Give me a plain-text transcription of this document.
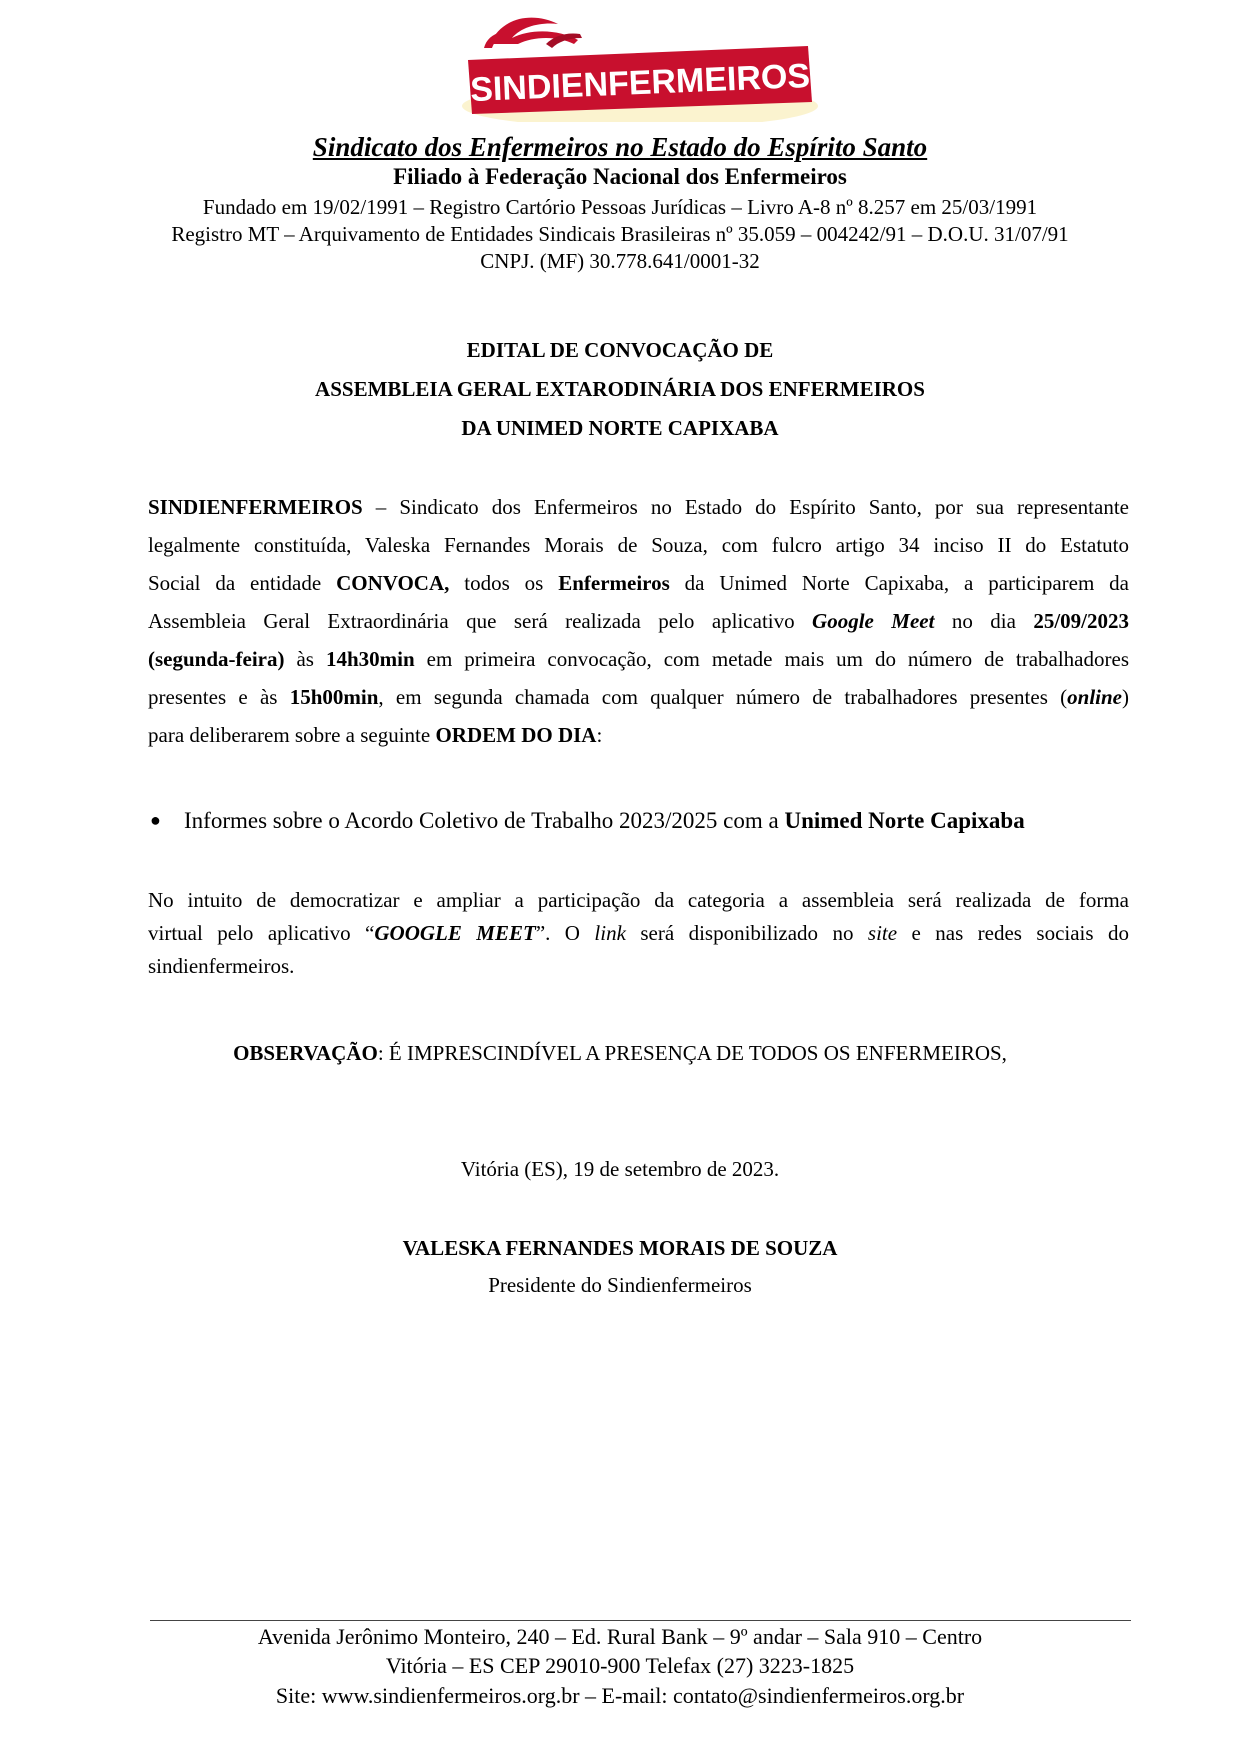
SINDIENFERMEIROS
Sindicato dos Enfermeiros no Estado do Espírito Santo
Filiado à Federação Nacional dos Enfermeiros
Fundado em 19/02/1991 – Registro Cartório Pessoas Jurídicas – Livro A-8 nº 8.257 em 25/03/1991
Registro MT – Arquivamento de Entidades Sindicais Brasileiras nº 35.059 – 004242/91 – D.O.U. 31/07/91
CNPJ. (MF) 30.778.641/0001-32
EDITAL DE CONVOCAÇÃO DE
ASSEMBLEIA GERAL EXTARODINÁRIA DOS ENFERMEIROS
DA UNIMED NORTE CAPIXABA
SINDIENFERMEIROS – Sindicato dos Enfermeiros no Estado do Espírito Santo, por sua representante
legalmente constituída, Valeska Fernandes Morais de Souza, com fulcro artigo 34 inciso II do Estatuto
Social da entidade CONVOCA, todos os Enfermeiros da Unimed Norte Capixaba, a participarem da
Assembleia Geral Extraordinária que será realizada pelo aplicativo Google Meet no dia 25/09/2023
(segunda-feira) às 14h30min em primeira convocação, com metade mais um do número de trabalhadores
presentes e às 15h00min, em segunda chamada com qualquer número de trabalhadores presentes (online)
para deliberarem sobre a seguinte ORDEM DO DIA:
● Informes sobre o Acordo Coletivo de Trabalho 2023/2025 com a Unimed Norte Capixaba
No intuito de democratizar e ampliar a participação da categoria a assembleia será realizada de forma
virtual pelo aplicativo “GOOGLE MEET”. O link será disponibilizado no site e nas redes sociais do
sindienfermeiros.
OBSERVAÇÃO: É IMPRESCINDÍVEL A PRESENÇA DE TODOS OS ENFERMEIROS,
Vitória (ES), 19 de setembro de 2023.
VALESKA FERNANDES MORAIS DE SOUZA
Presidente do Sindienfermeiros
Avenida Jerônimo Monteiro, 240 – Ed. Rural Bank – 9º andar – Sala 910 – Centro
Vitória – ES CEP 29010-900 Telefax (27) 3223-1825
Site: www.sindienfermeiros.org.br – E-mail: contato@sindienfermeiros.org.br
